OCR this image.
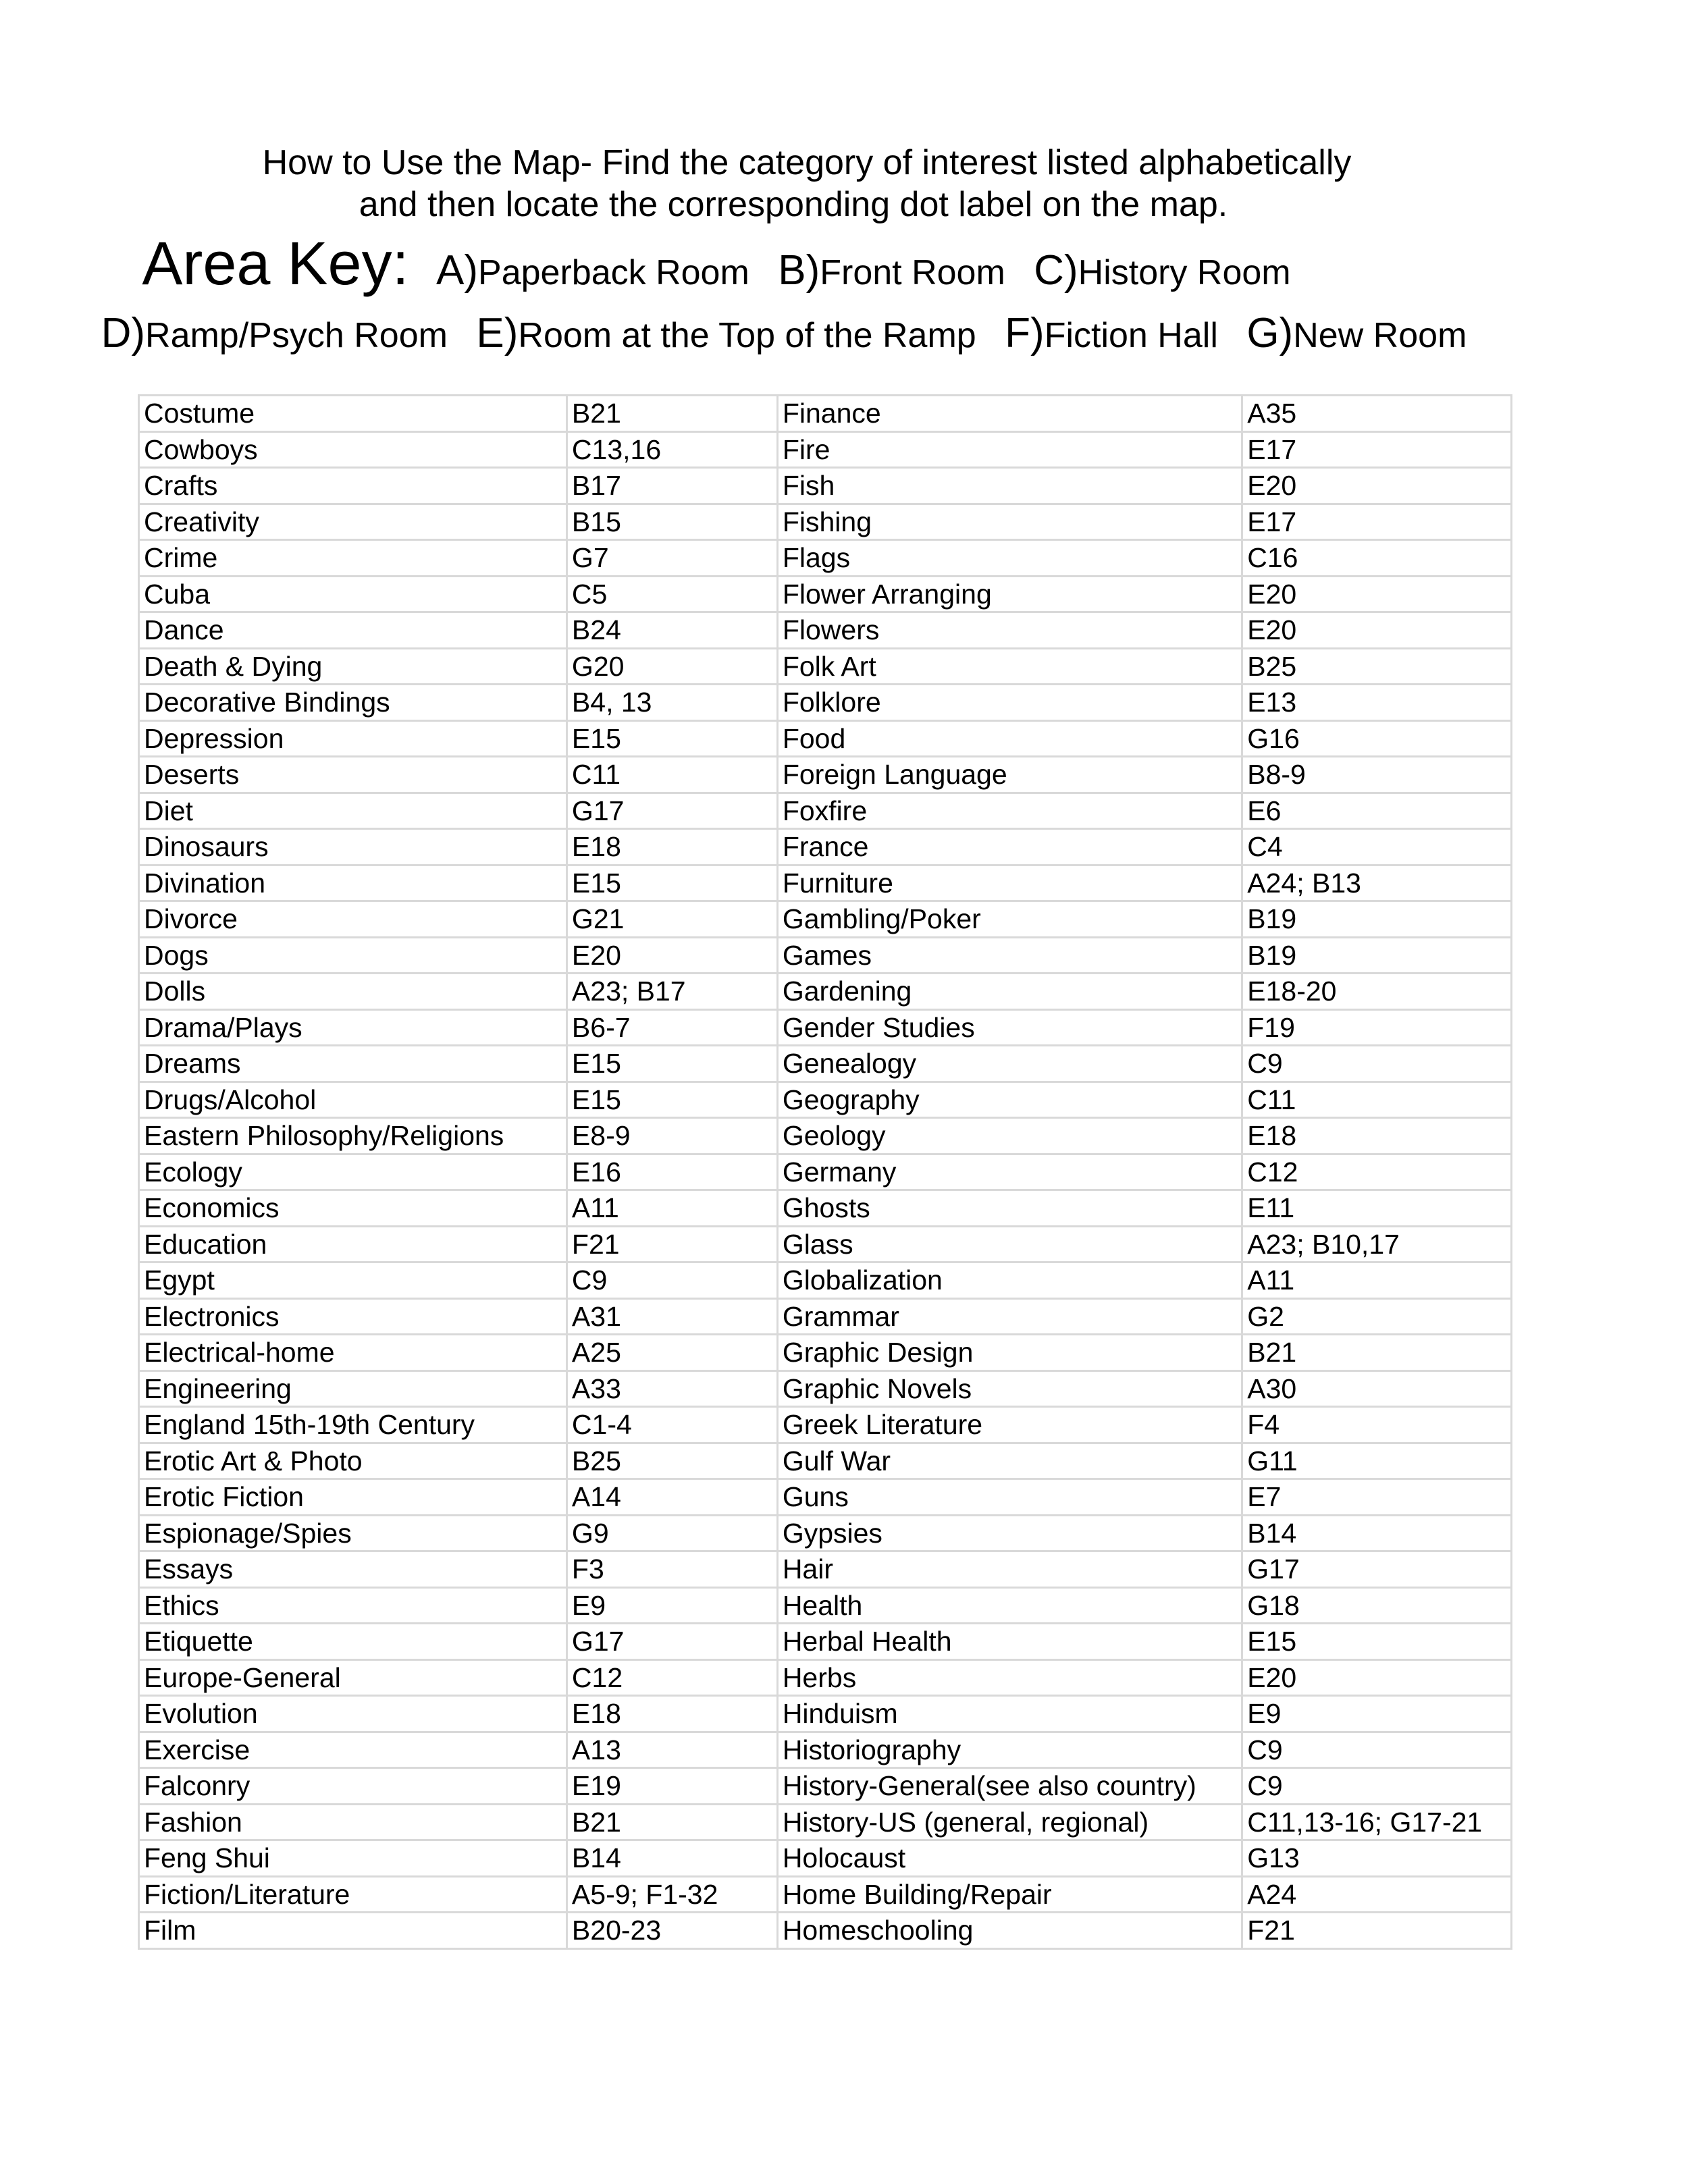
How to Use the Map- Find the category of interest listed alphabetically
and then locate the corresponding dot label on the map.
Area Key: A)Paperback Room B)Front Room C)History Room
D)Ramp/Psych Room E)Room at the Top of the Ramp F)Fiction Hall G)New Room
Costume	B21	Finance	A35
Cowboys	C13,16	Fire	E17
Crafts	B17	Fish	E20
Creativity	B15	Fishing	E17
Crime	G7	Flags	C16
Cuba	C5	Flower Arranging	E20
Dance	B24	Flowers	E20
Death & Dying	G20	Folk Art	B25
Decorative Bindings	B4, 13	Folklore	E13
Depression	E15	Food	G16
Deserts	C11	Foreign Language	B8-9
Diet	G17	Foxfire	E6
Dinosaurs	E18	France	C4
Divination	E15	Furniture	A24; B13
Divorce	G21	Gambling/Poker	B19
Dogs	E20	Games	B19
Dolls	A23; B17	Gardening	E18-20
Drama/Plays	B6-7	Gender Studies	F19
Dreams	E15	Genealogy	C9
Drugs/Alcohol	E15	Geography	C11
Eastern Philosophy/Religions	E8-9	Geology	E18
Ecology	E16	Germany	C12
Economics	A11	Ghosts	E11
Education	F21	Glass	A23; B10,17
Egypt	C9	Globalization	A11
Electronics	A31	Grammar	G2
Electrical-home	A25	Graphic Design	B21
Engineering	A33	Graphic Novels	A30
England 15th-19th Century	C1-4	Greek Literature	F4
Erotic Art & Photo	B25	Gulf War	G11
Erotic Fiction	A14	Guns	E7
Espionage/Spies	G9	Gypsies	B14
Essays	F3	Hair	G17
Ethics	E9	Health	G18
Etiquette	G17	Herbal Health	E15
Europe-General	C12	Herbs	E20
Evolution	E18	Hinduism	E9
Exercise	A13	Historiography	C9
Falconry	E19	History-General(see also country)	C9
Fashion	B21	History-US (general, regional)	C11,13-16; G17-21
Feng Shui	B14	Holocaust	G13
Fiction/Literature	A5-9; F1-32	Home Building/Repair	A24
Film	B20-23	Homeschooling	F21
